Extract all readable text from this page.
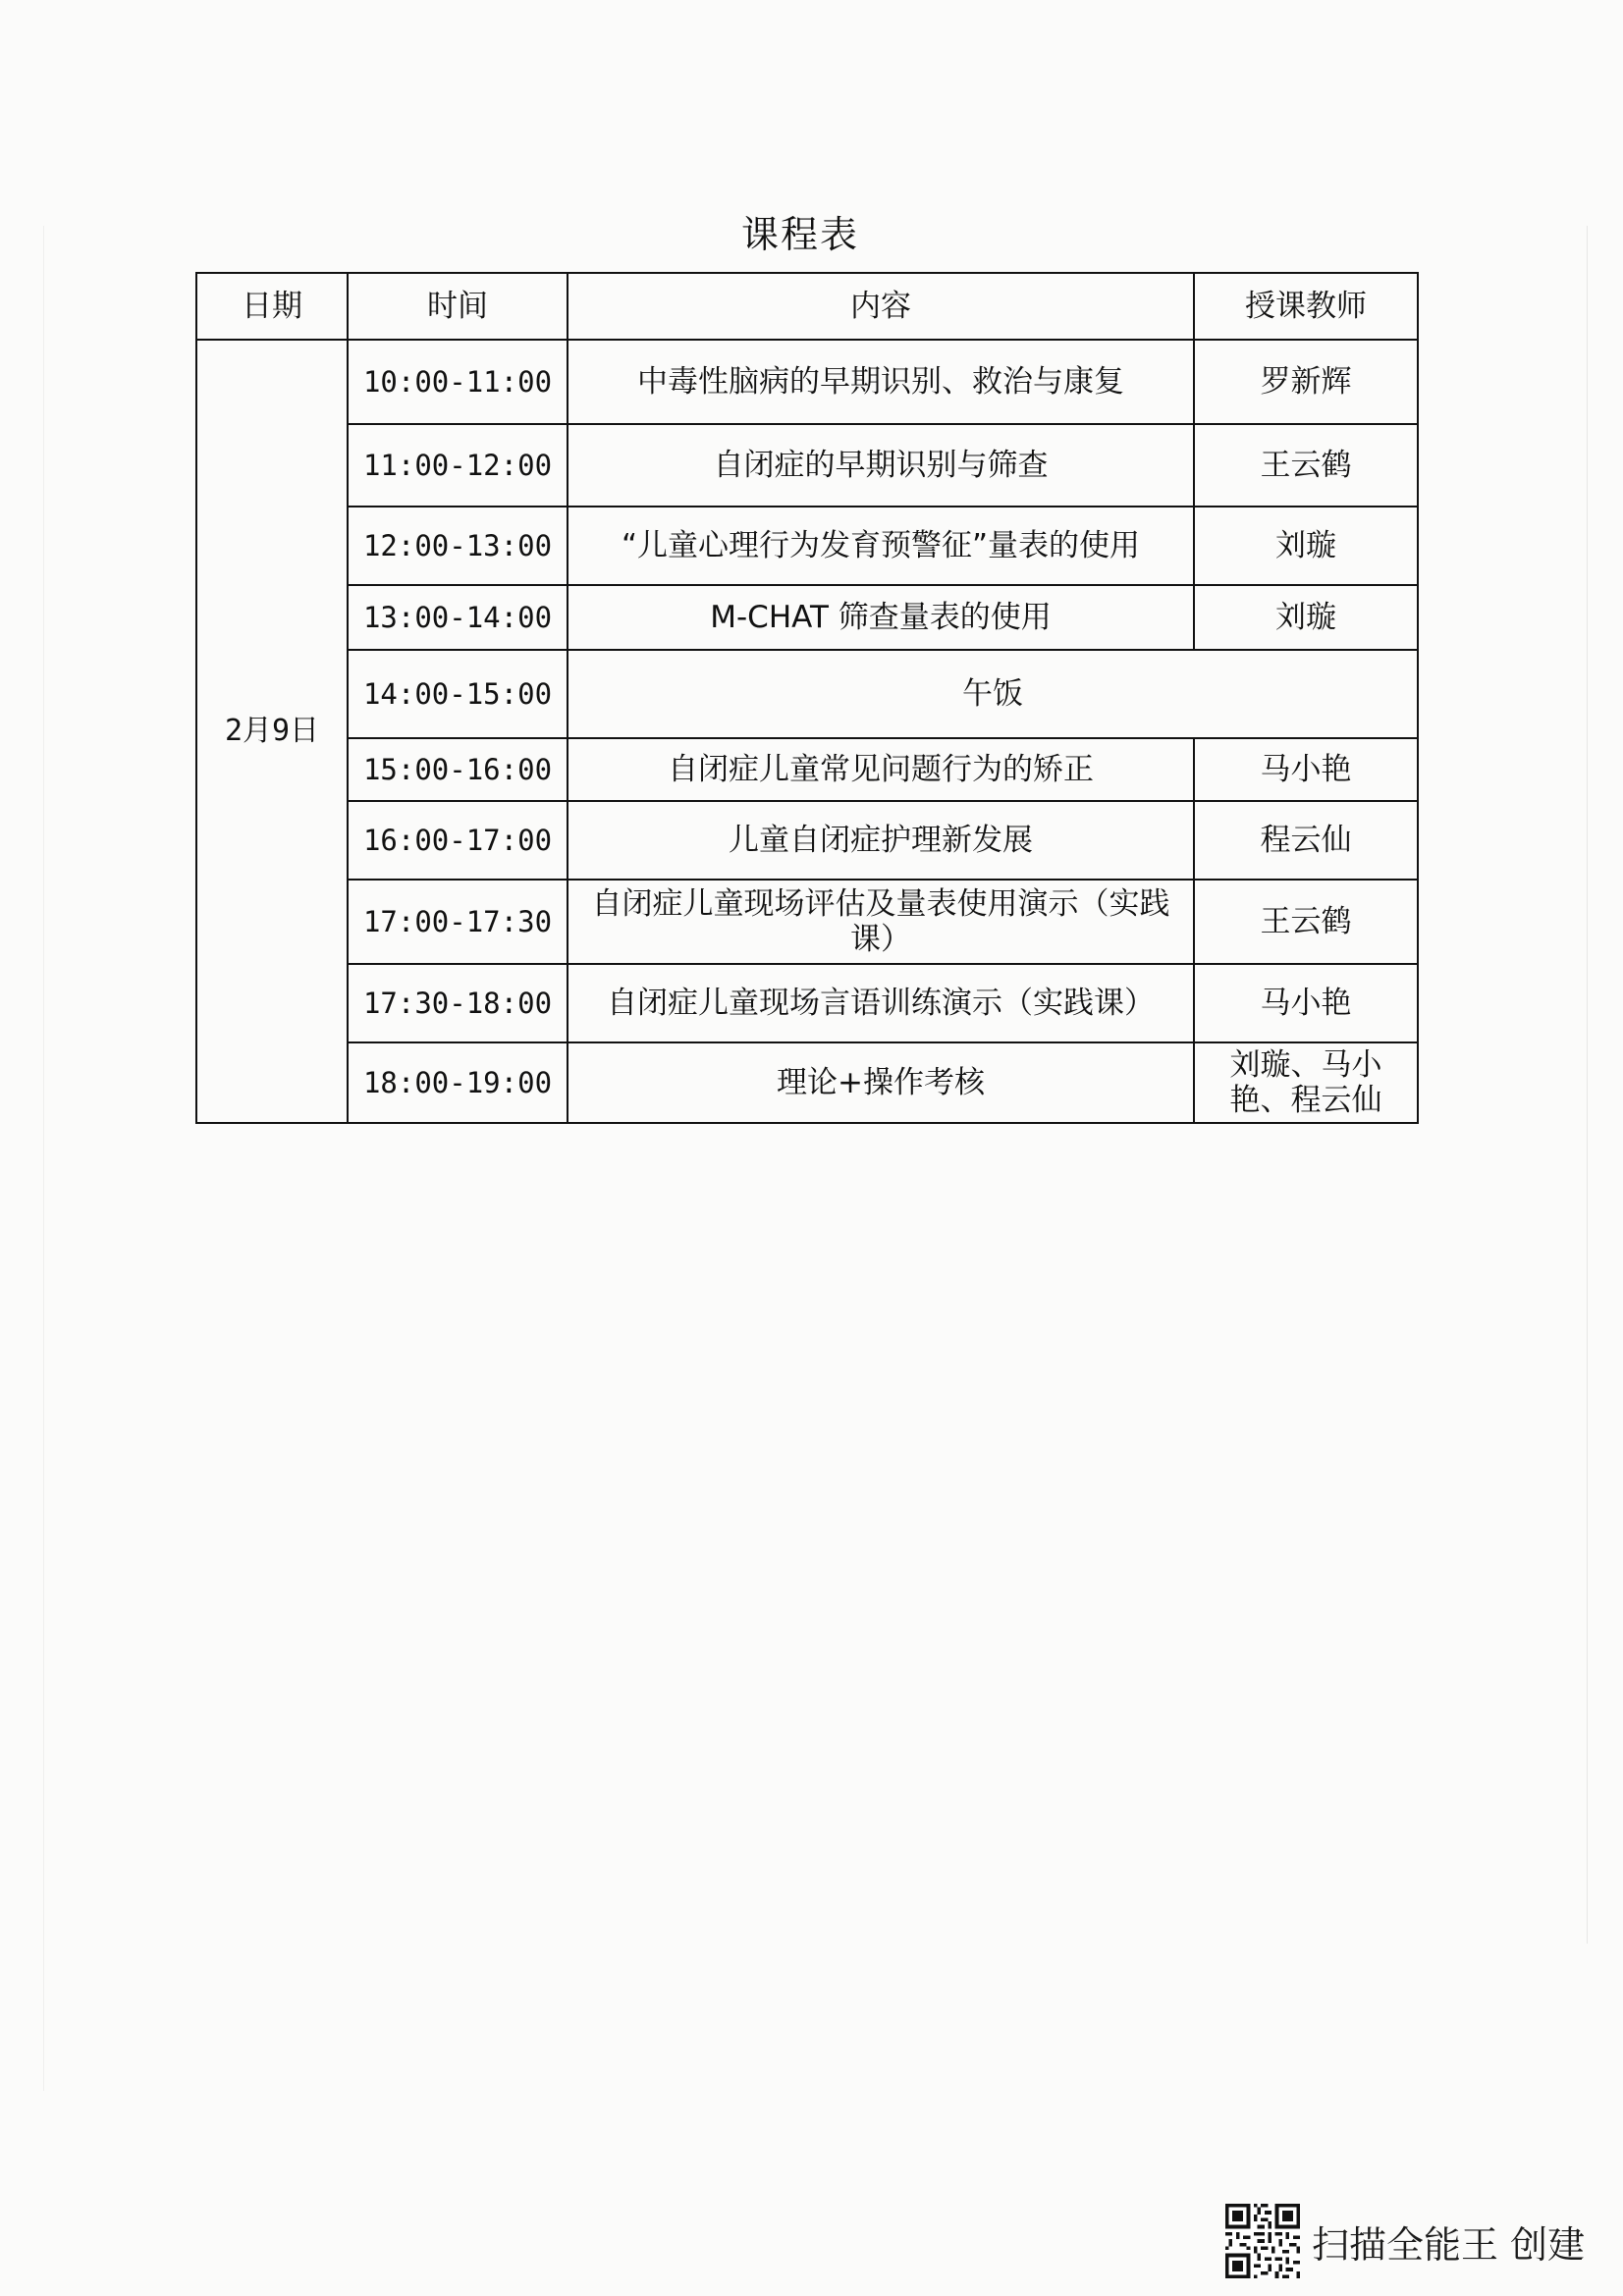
课程表
日期	时间	内容	授课教师
2月9日	10:00-11:00	中毒性脑病的早期识别、救治与康复	罗新辉
	11:00-12:00	自闭症的早期识别与筛查	王云鹤
	12:00-13:00	“儿童心理行为发育预警征”量表的使用	刘璇
	13:00-14:00	M-CHAT 筛查量表的使用	刘璇
	14:00-15:00	午饭	
	15:00-16:00	自闭症儿童常见问题行为的矫正	马小艳
	16:00-17:00	儿童自闭症护理新发展	程云仙
	17:00-17:30	自闭症儿童现场评估及量表使用演示（实践课）	王云鹤
	17:30-18:00	自闭症儿童现场言语训练演示（实践课）	马小艳
	18:00-19:00	理论+操作考核	刘璇、马小艳、程云仙
扫描全能王 创建
